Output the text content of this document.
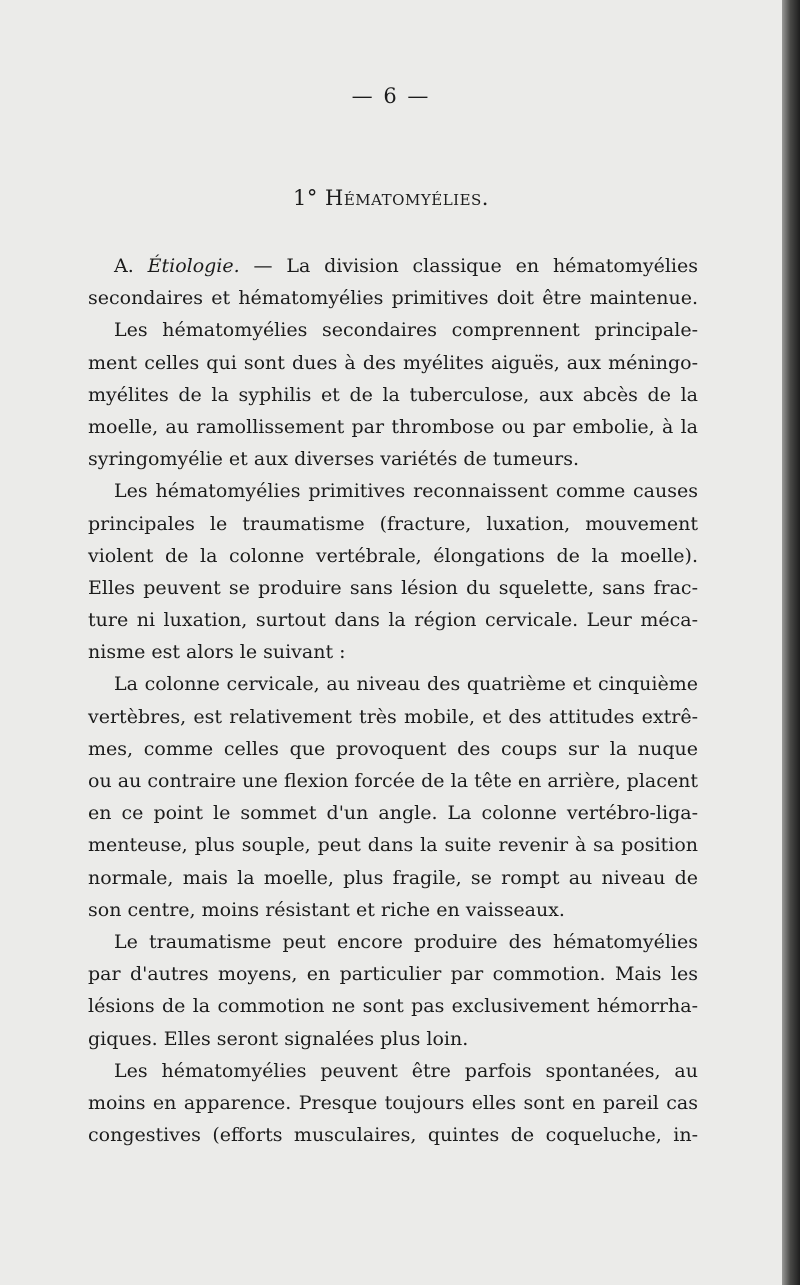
— 6 —
1° Hématomyélies.
A. Étiologie. — La division classique en hématomyélies
secondaires et hématomyélies primitives doit être maintenue.
Les hématomyélies secondaires comprennent principale-
ment celles qui sont dues à des myélites aiguës, aux méningo-
myélites de la syphilis et de la tuberculose, aux abcès de la
moelle, au ramollissement par thrombose ou par embolie, à la
syringomyélie et aux diverses variétés de tumeurs.
Les hématomyélies primitives reconnaissent comme causes
principales le traumatisme (fracture, luxation, mouvement
violent de la colonne vertébrale, élongations de la moelle).
Elles peuvent se produire sans lésion du squelette, sans frac-
ture ni luxation, surtout dans la région cervicale. Leur méca-
nisme est alors le suivant :
La colonne cervicale, au niveau des quatrième et cinquième
vertèbres, est relativement très mobile, et des attitudes extrê-
mes, comme celles que provoquent des coups sur la nuque
ou au contraire une flexion forcée de la tête en arrière, placent
en ce point le sommet d'un angle. La colonne vertébro-liga-
menteuse, plus souple, peut dans la suite revenir à sa position
normale, mais la moelle, plus fragile, se rompt au niveau de
son centre, moins résistant et riche en vaisseaux.
Le traumatisme peut encore produire des hématomyélies
par d'autres moyens, en particulier par commotion. Mais les
lésions de la commotion ne sont pas exclusivement hémorrha-
giques. Elles seront signalées plus loin.
Les hématomyélies peuvent être parfois spontanées, au
moins en apparence. Presque toujours elles sont en pareil cas
congestives (efforts musculaires, quintes de coqueluche, in-
